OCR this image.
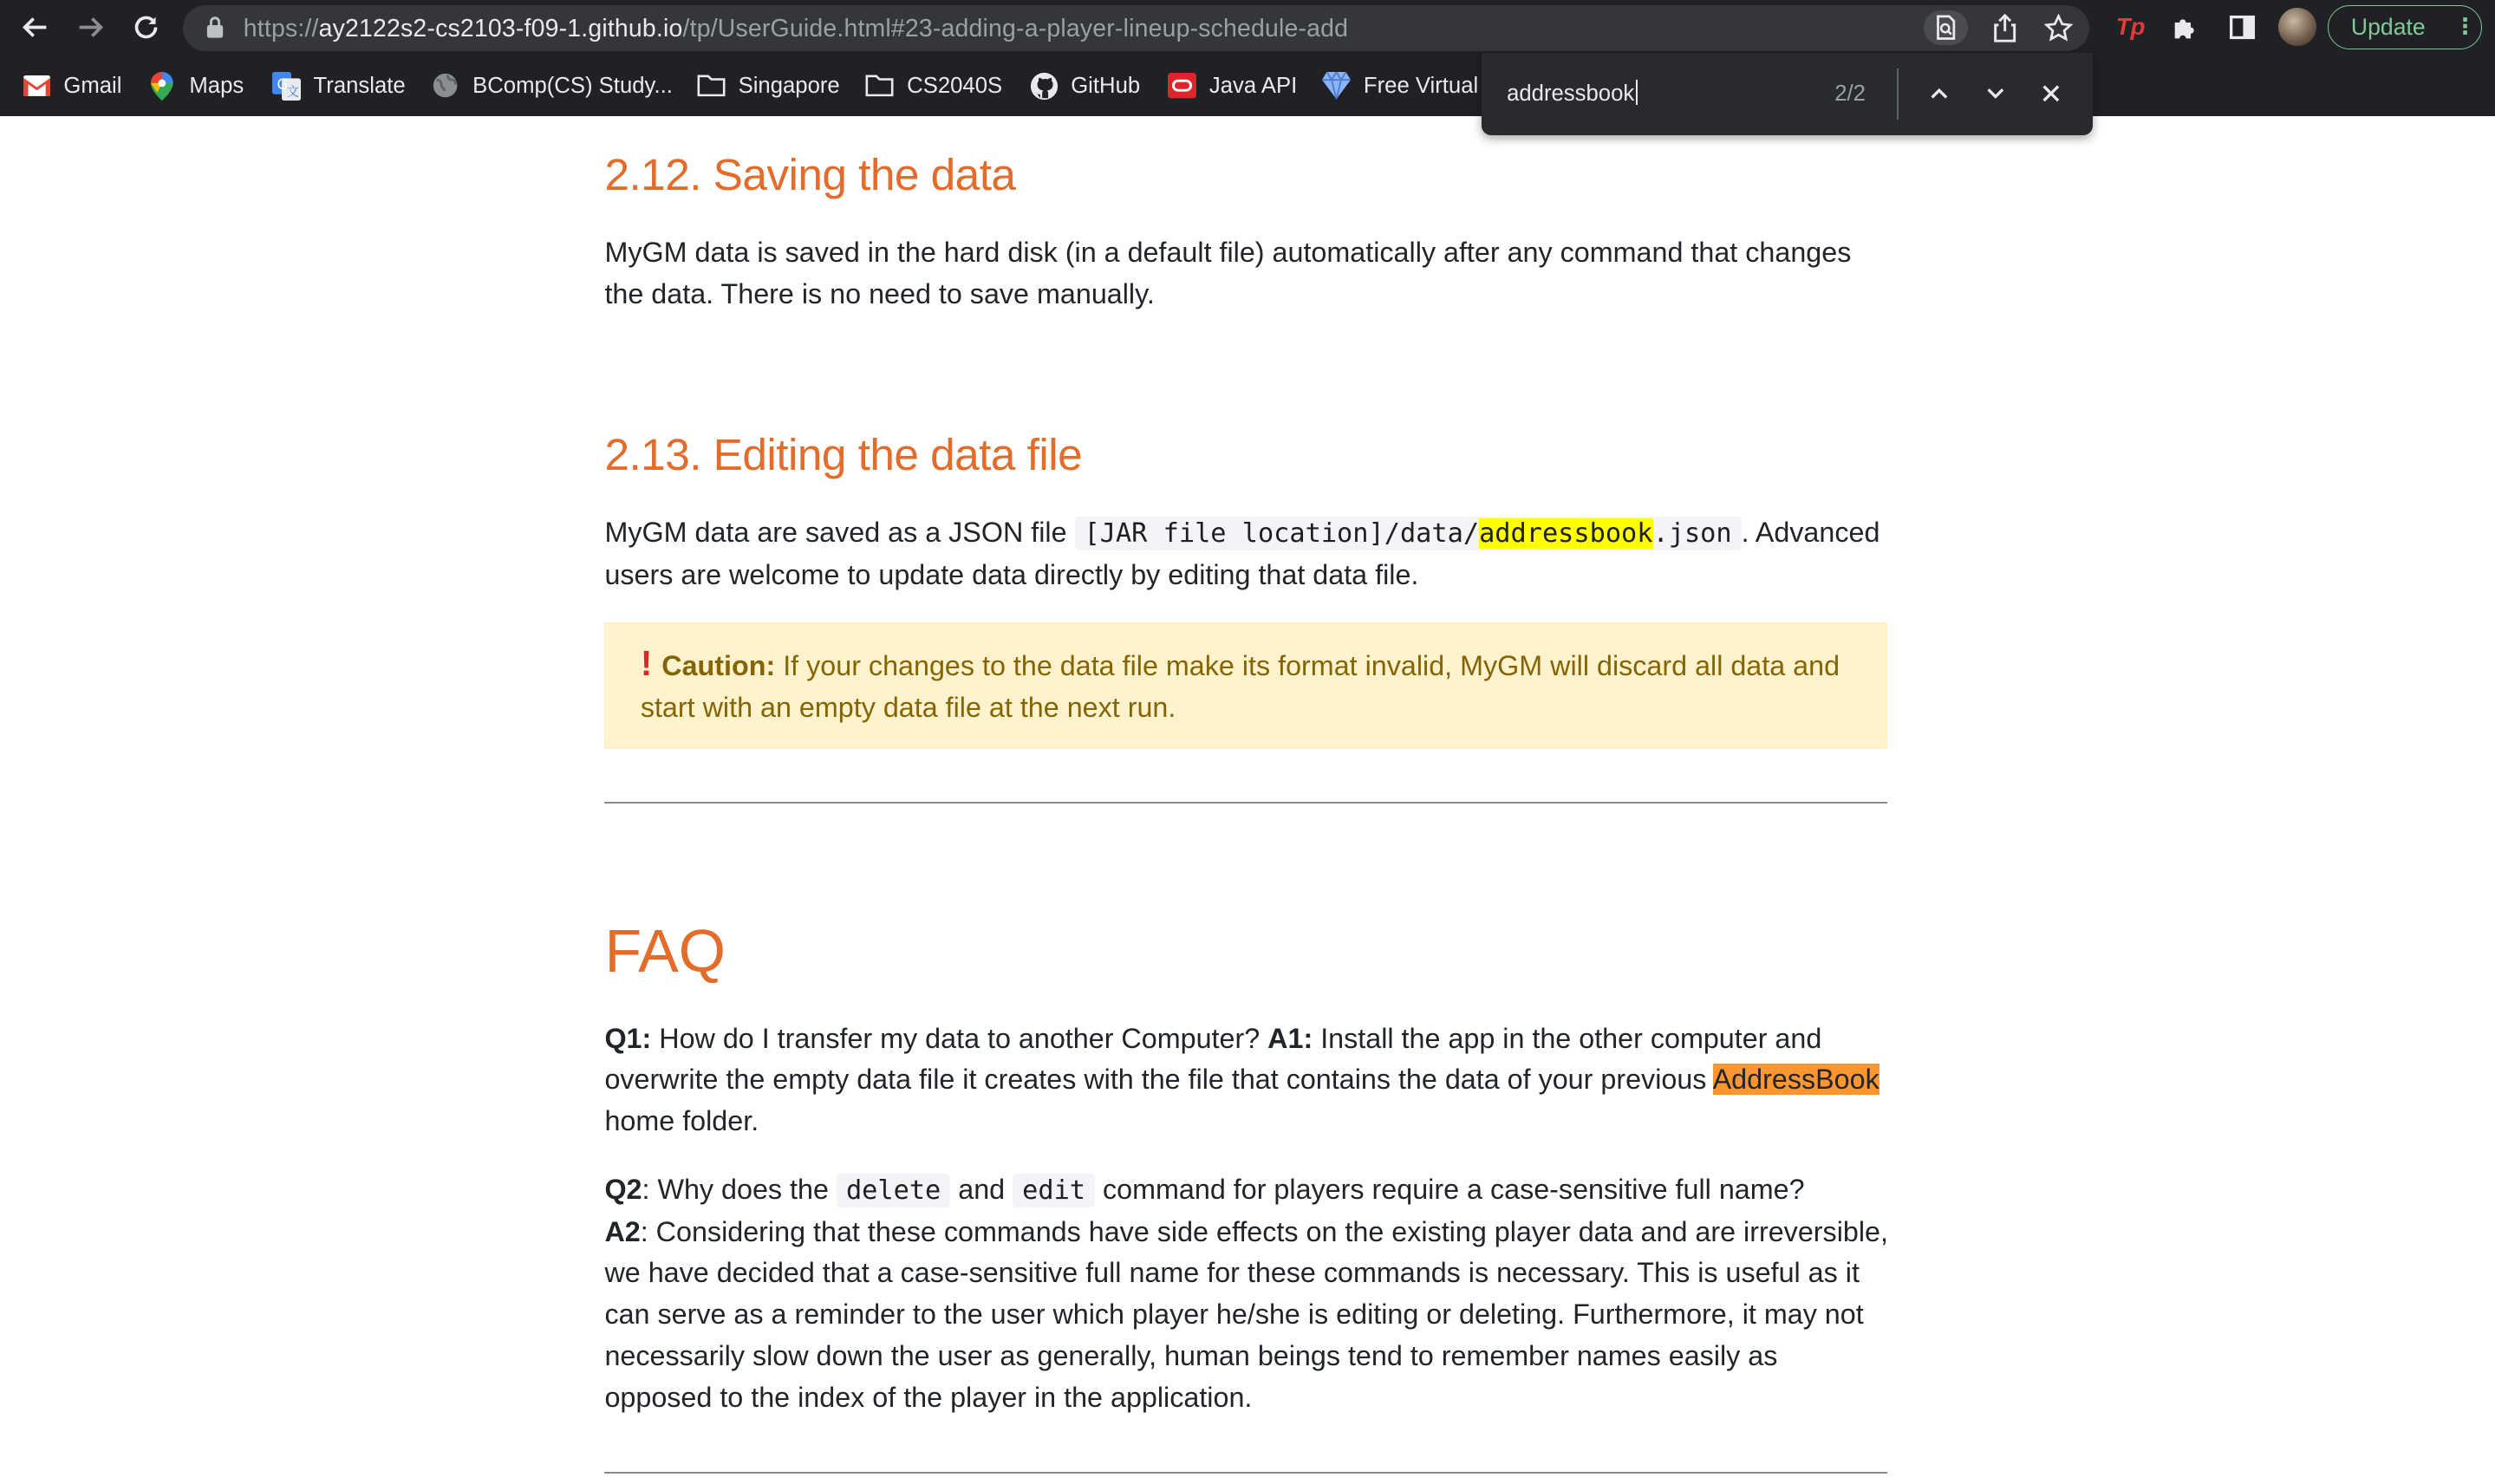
https://ay2122s2-cs2103-f09-1.github.io/tp/UserGuide.html#23-adding-a-player-lineup-schedule-add	Tp	Update ⋮
Gmail	Maps	G
文 Translate	BComp(CS) Study...	Singapore	CS2040S	GitHub	Java API	Free Virtual addressbook	2/2
2.12. Saving the data

MyGM data is saved in the hard disk (in a default file) automatically after any command that changes the data. There is no need to save manually.

2.13. Editing the data file

MyGM data are saved as a JSON file [JAR file location]/data/addressbook.json . Advanced users are welcome to update data directly by editing that data file.

! Caution: If your changes to the data file make its format invalid, MyGM will discard all data and start with an empty data file at the next run.
FAQ

Q1: How do I transfer my data to another Computer? A1: Install the app in the other computer and overwrite the empty data file it creates with the file that contains the data of your previous AddressBook home folder.

Q2: Why does the delete and edit command for players require a case-sensitive full name?
A2: Considering that these commands have side effects on the existing player data and are irreversible, we have decided that a case-sensitive full name for these commands is necessary. This is useful as it can serve as a reminder to the user which player he/she is editing or deleting. Furthermore, it may not necessarily slow down the user as generally, human beings tend to remember names easily as opposed to the index of the player in the application.
